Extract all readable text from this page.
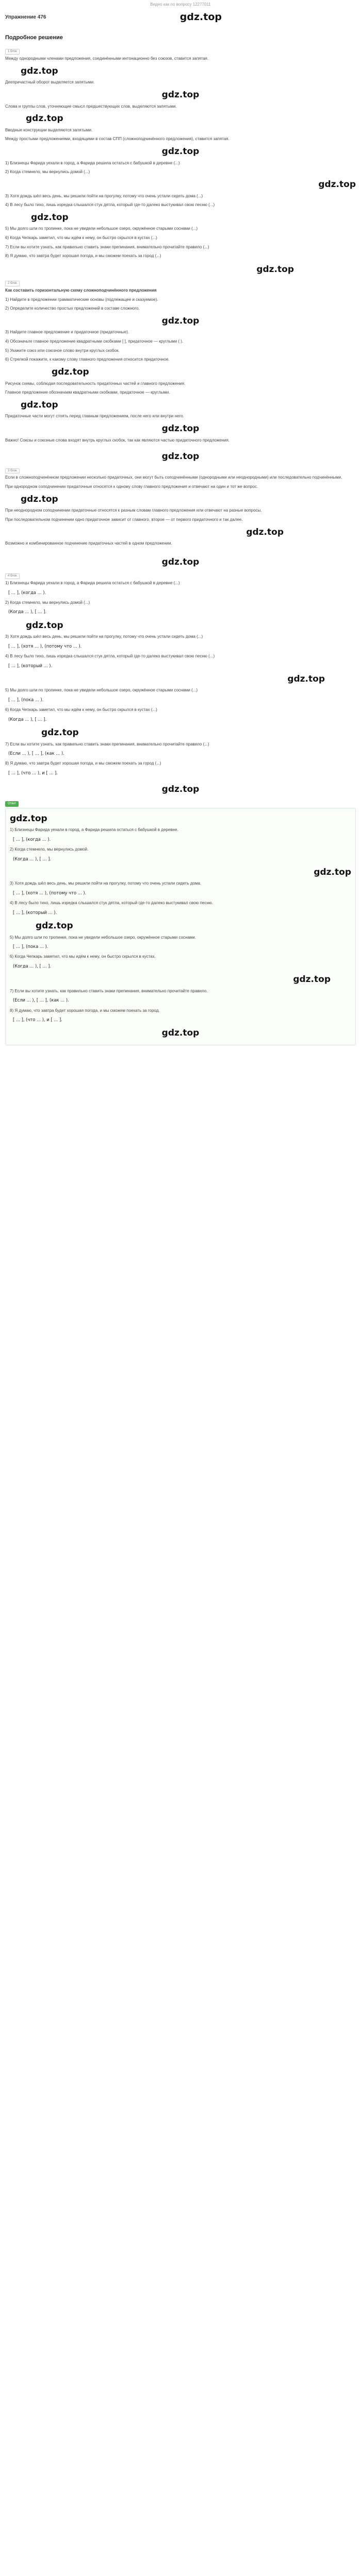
Видео как по вопросу 12277011
Упражнение 476	gdz.top
Подробное решение
1 блок

Между однородными членами предложения, соединёнными интонационно без союзов, ставится запятая.

gdz.top

Деепричастный оборот выделяется запятыми.

gdz.top

Слова и группы слов, уточняющие смысл предшествующих слов, выделяются запятыми.

gdz.top

Вводные конструкции выделяются запятыми.

Между простыми предложениями, входящими в состав СПП (сложноподчинённого предложения), ставится запятая.

gdz.top

1) Близнецы Фарида уехали в город, а Фарида решила остаться с бабушкой в деревне (...)

2) Когда стемнело, мы вернулись домой (...)

gdz.top

3) Хотя дождь шёл весь день, мы решили пойти на прогулку, потому что очень устали сидеть дома (...)

4) В лесу было тихо, лишь изредка слышался стук дятла, который где-то далеко выстукивал свою песню (...)

gdz.top

5) Мы долго шли по тропинке, пока не увидели небольшое озеро, окружённое старыми соснами (...)

6) Когда Чепкарь заметил, что мы идём к нему, он быстро скрылся в кустах (...)

7) Если вы хотите узнать, как правильно ставить знаки препинания, внимательно прочитайте правило (...)

8) Я думаю, что завтра будет хорошая погода, и мы сможем поехать за город (...)

gdz.top
2 блок

Как составить горизонтальную схему сложноподчинённого предложения

1) Найдите в предложении грамматические основы (подлежащее и сказуемое).

2) Определите количество простых предложений в составе сложного.

gdz.top

3) Найдите главное предложение и придаточное (придаточные).

4) Обозначьте главное предложение квадратными скобками [ ], придаточное — круглыми ( ).

5) Укажите союз или союзное слово внутри круглых скобок.

6) Стрелкой покажите, к какому слову главного предложения относится придаточное.

gdz.top

Рисунок схемы, соблюдая последовательность придаточных частей и главного предложения.

Главное предложение обозначаем квадратными скобками, придаточное — круглыми.

gdz.top

Придаточные части могут стоять перед главным предложением, после него или внутри него.

gdz.top

Важно! Союзы и союзные слова входят внутрь круглых скобок, так как являются частью придаточного предложения.

gdz.top
3 блок

Если в сложноподчинённом предложении несколько придаточных, они могут быть соподчинёнными (однородными или неоднородными) или последовательно подчинёнными.

При однородном соподчинении придаточные относятся к одному слову главного предложения и отвечают на один и тот же вопрос.

gdz.top

При неоднородном соподчинении придаточные относятся к разным словам главного предложения или отвечают на разные вопросы.

При последовательном подчинении одно придаточное зависит от главного, второе — от первого придаточного и так далее.

gdz.top

Возможно и комбинированное подчинение придаточных частей в одном предложении.

gdz.top
4 блок

1) Близнецы Фарида уехали в город, а Фарида решила остаться с бабушкой в деревне (...)

[ ... ], (когда ... ).

2) Когда стемнело, мы вернулись домой (...)

(Когда ... ), [ ... ].
gdz.top

3) Хотя дождь шёл весь день, мы решили пойти на прогулку, потому что очень устали сидеть дома (...)

[ ... ], (хотя ... ), (потому что ... ).

4) В лесу было тихо, лишь изредка слышался стук дятла, который где-то далеко выстукивал свою песню (...)

[ ... ], (который ... ).
gdz.top

5) Мы долго шли по тропинке, пока не увидели небольшое озеро, окружённое старыми соснами (...)

[ ... ], (пока ... ).

6) Когда Чепкарь заметил, что мы идём к нему, он быстро скрылся в кустах (...)

(Когда ... ), [ ... ].
gdz.top

7) Если вы хотите узнать, как правильно ставить знаки препинания, внимательно прочитайте правило (...)

(Если ... ), [ ... ], (как ... ).

8) Я думаю, что завтра будет хорошая погода, и мы сможем поехать за город (...)

[ ... ], (что ... ), и [ ... ].
gdz.top
Ответ
gdz.top

1) Близнецы Фарида уехали в город, а Фарида решила остаться с бабушкой в деревне.

[ ... ], (когда ... ).

2) Когда стемнело, мы вернулись домой.

(Когда ... ), [ ... ].
gdz.top

3) Хотя дождь шёл весь день, мы решили пойти на прогулку, потому что очень устали сидеть дома.

[ ... ], (хотя ... ), (потому что ... ).

4) В лесу было тихо, лишь изредка слышался стук дятла, который где-то далеко выстукивал свою песню.

[ ... ], (который ... ).
gdz.top

5) Мы долго шли по тропинке, пока не увидели небольшое озеро, окружённое старыми соснами.

[ ... ], (пока ... ).

6) Когда Чепкарь заметил, что мы идём к нему, он быстро скрылся в кустах.

(Когда ... ), [ ... ].
gdz.top

7) Если вы хотите узнать, как правильно ставить знаки препинания, внимательно прочитайте правило.

(Если ... ), [ ... ], (как ... ).

8) Я думаю, что завтра будет хорошая погода, и мы сможем поехать за город.

[ ... ], (что ... ), и [ ... ].
gdz.top
